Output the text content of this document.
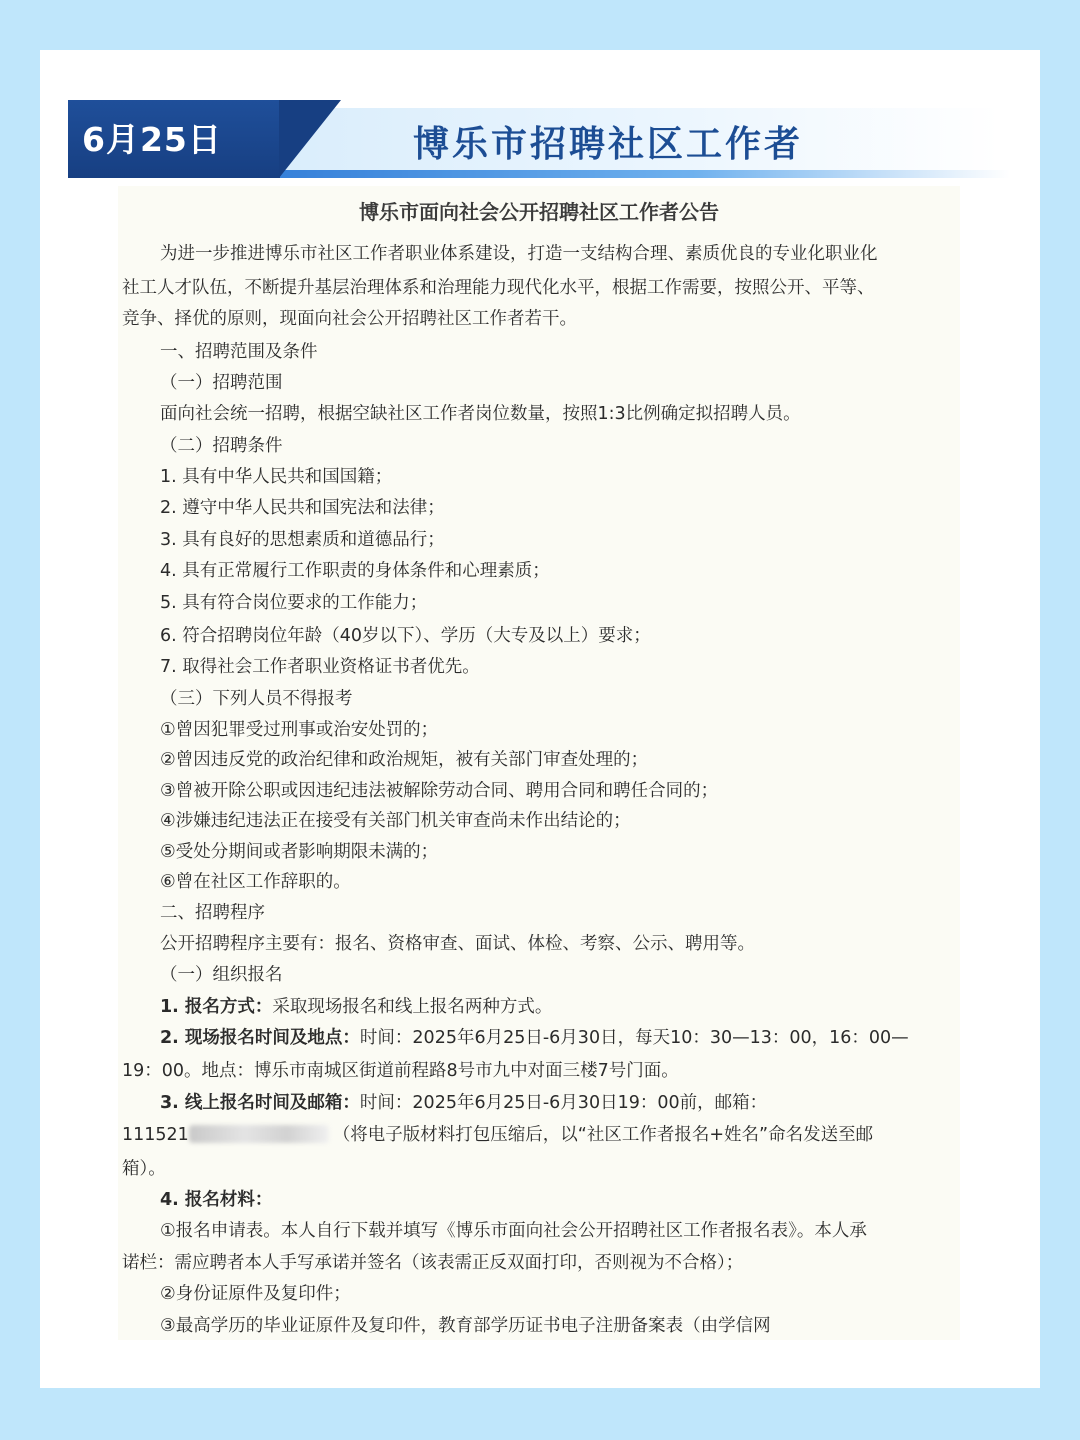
6月25日	博乐市招聘社区工作者
博乐市面向社会公开招聘社区工作者公告
为进一步推进博乐市社区工作者职业体系建设，打造一支结构合理、素质优良的专业化职业化
社工人才队伍，不断提升基层治理体系和治理能力现代化水平，根据工作需要，按照公开、平等、
竞争、择优的原则，现面向社会公开招聘社区工作者若干。
一、招聘范围及条件
（一）招聘范围
面向社会统一招聘，根据空缺社区工作者岗位数量，按照1:3比例确定拟招聘人员。
（二）招聘条件
1. 具有中华人民共和国国籍；
2. 遵守中华人民共和国宪法和法律；
3. 具有良好的思想素质和道德品行；
4. 具有正常履行工作职责的身体条件和心理素质；
5. 具有符合岗位要求的工作能力；
6. 符合招聘岗位年龄（40岁以下）、学历（大专及以上）要求；
7. 取得社会工作者职业资格证书者优先。
（三）下列人员不得报考
①曾因犯罪受过刑事或治安处罚的；
②曾因违反党的政治纪律和政治规矩，被有关部门审查处理的；
③曾被开除公职或因违纪违法被解除劳动合同、聘用合同和聘任合同的；
④涉嫌违纪违法正在接受有关部门机关审查尚未作出结论的；
⑤受处分期间或者影响期限未满的；
⑥曾在社区工作辞职的。
二、招聘程序
公开招聘程序主要有：报名、资格审查、面试、体检、考察、公示、聘用等。
（一）组织报名
1. 报名方式：采取现场报名和线上报名两种方式。
2. 现场报名时间及地点：时间：2025年6月25日-6月30日，每天10：30—13：00，16：00—
19：00。地点：博乐市南城区街道前程路8号市九中对面三楼7号门面。
3. 线上报名时间及邮箱：时间：2025年6月25日-6月30日19：00前，邮箱：
111521	（将电子版材料打包压缩后，以“社区工作者报名+姓名”命名发送至邮
箱）。
4. 报名材料：
①报名申请表。本人自行下载并填写《博乐市面向社会公开招聘社区工作者报名表》。本人承
诺栏：需应聘者本人手写承诺并签名（该表需正反双面打印，否则视为不合格）；
②身份证原件及复印件；
③最高学历的毕业证原件及复印件，教育部学历证书电子注册备案表（由学信网
